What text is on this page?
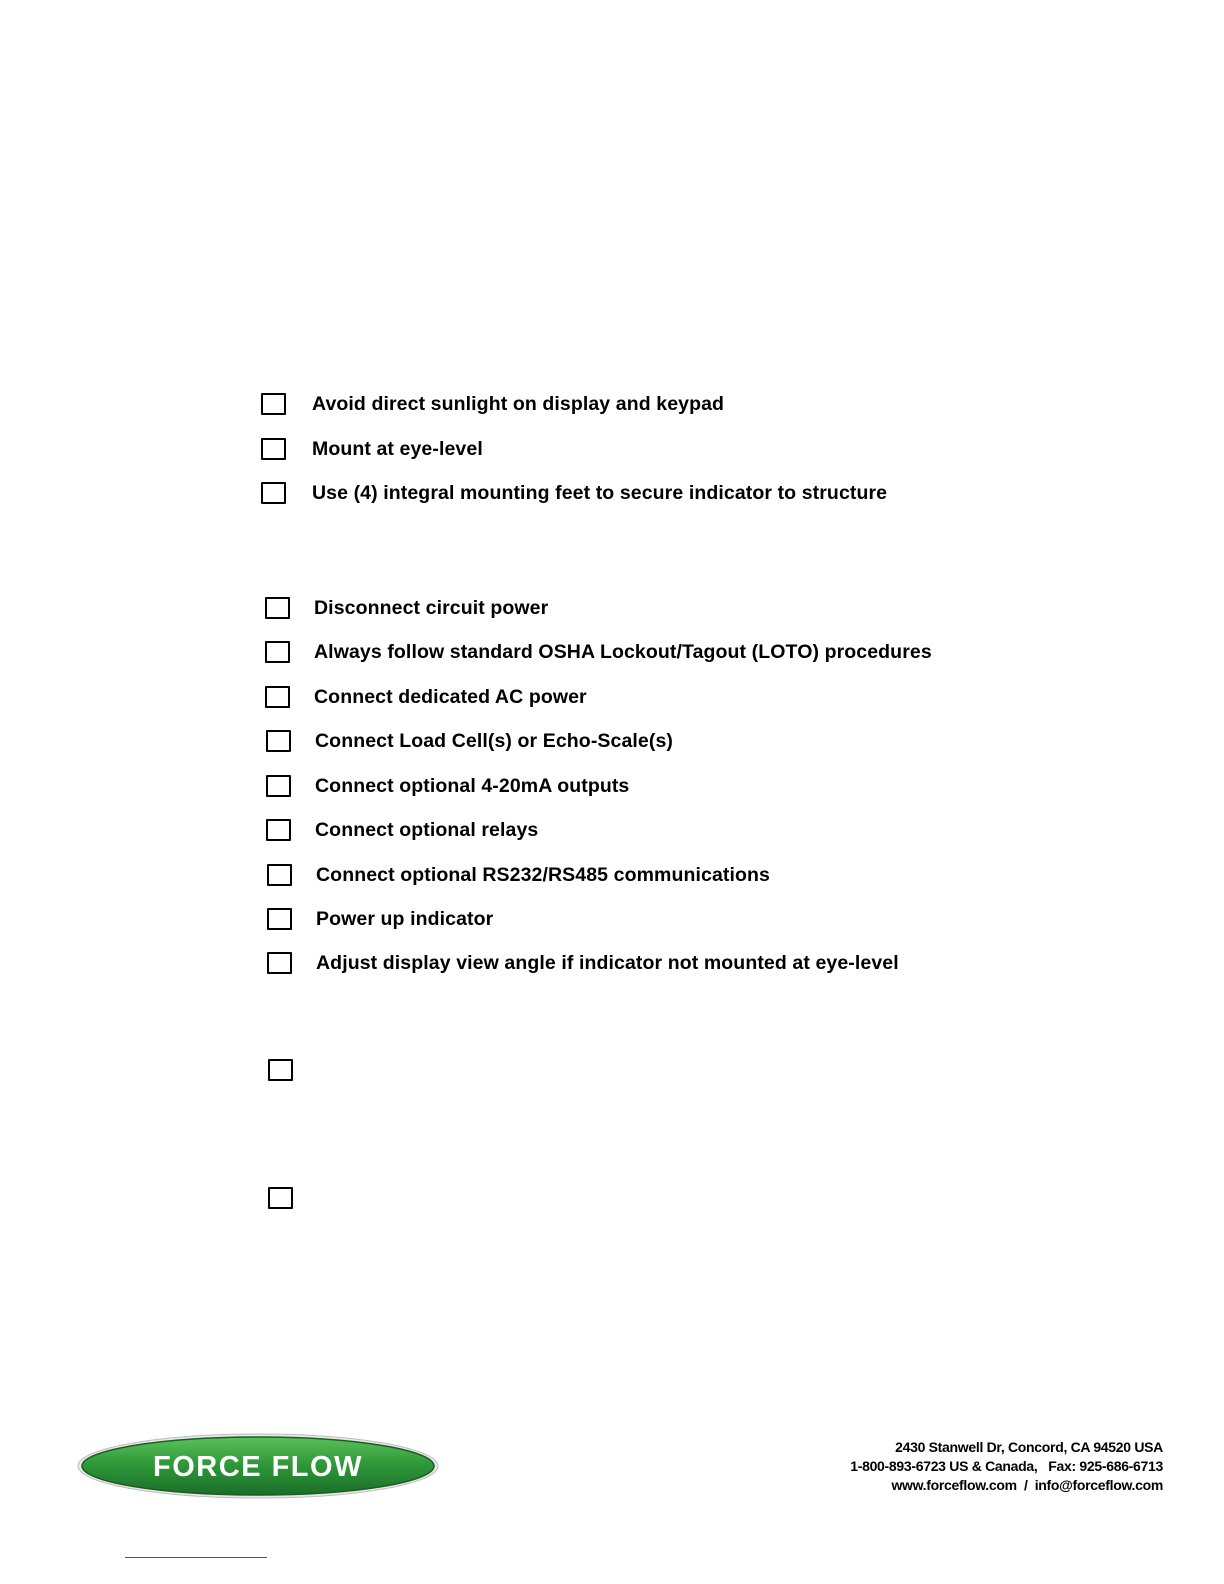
Avoid direct sunlight on display and keypad
Mount at eye-level
Use (4) integral mounting feet to secure indicator to structure
Disconnect circuit power
Always follow standard OSHA Lockout/Tagout (LOTO) procedures
Connect dedicated AC power
Connect Load Cell(s) or Echo-Scale(s)
Connect optional 4-20mA outputs
Connect optional relays
Connect optional RS232/RS485 communications
Power up indicator
Adjust display view angle if indicator not mounted at eye-level
FORCE FLOW
2430 Stanwell Dr, Concord, CA 94520 USA
1-800-893-6723 US & Canada,   Fax: 925-686-6713
www.forceflow.com  /  info@forceflow.com
